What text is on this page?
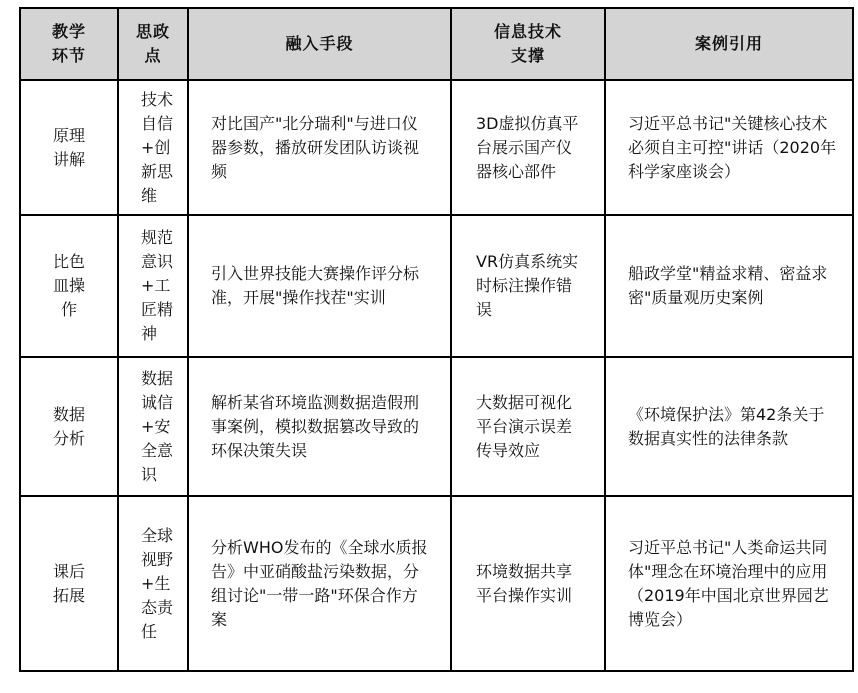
教学环节	思政点	融入手段	信息技术支撑	案例引用

原理讲解	技术自信+创新思维	对比国产"北分瑞利"与进口仪器参数，播放研发团队访谈视频	3D虚拟仿真平台展示国产仪器核心部件	习近平总书记"关键核心技术必须自主可控"讲话（2020年科学家座谈会）

比色皿操作	规范意识+工匠精神	引入世界技能大赛操作评分标准，开展"操作找茬"实训	VR仿真系统实时标注操作错误	船政学堂"精益求精、密益求密"质量观历史案例

数据分析	数据诚信+安全意识	解析某省环境监测数据造假刑事案例，模拟数据篡改导致的环保决策失误	大数据可视化平台演示误差传导效应	《环境保护法》第42条关于数据真实性的法律条款

课后拓展	全球视野+生态责任	分析WHO发布的《全球水质报告》中亚硝酸盐污染数据，分组讨论"一带一路"环保合作方案	环境数据共享平台操作实训	习近平总书记"人类命运共同体"理念在环境治理中的应用（2019年中国北京世界园艺博览会）
